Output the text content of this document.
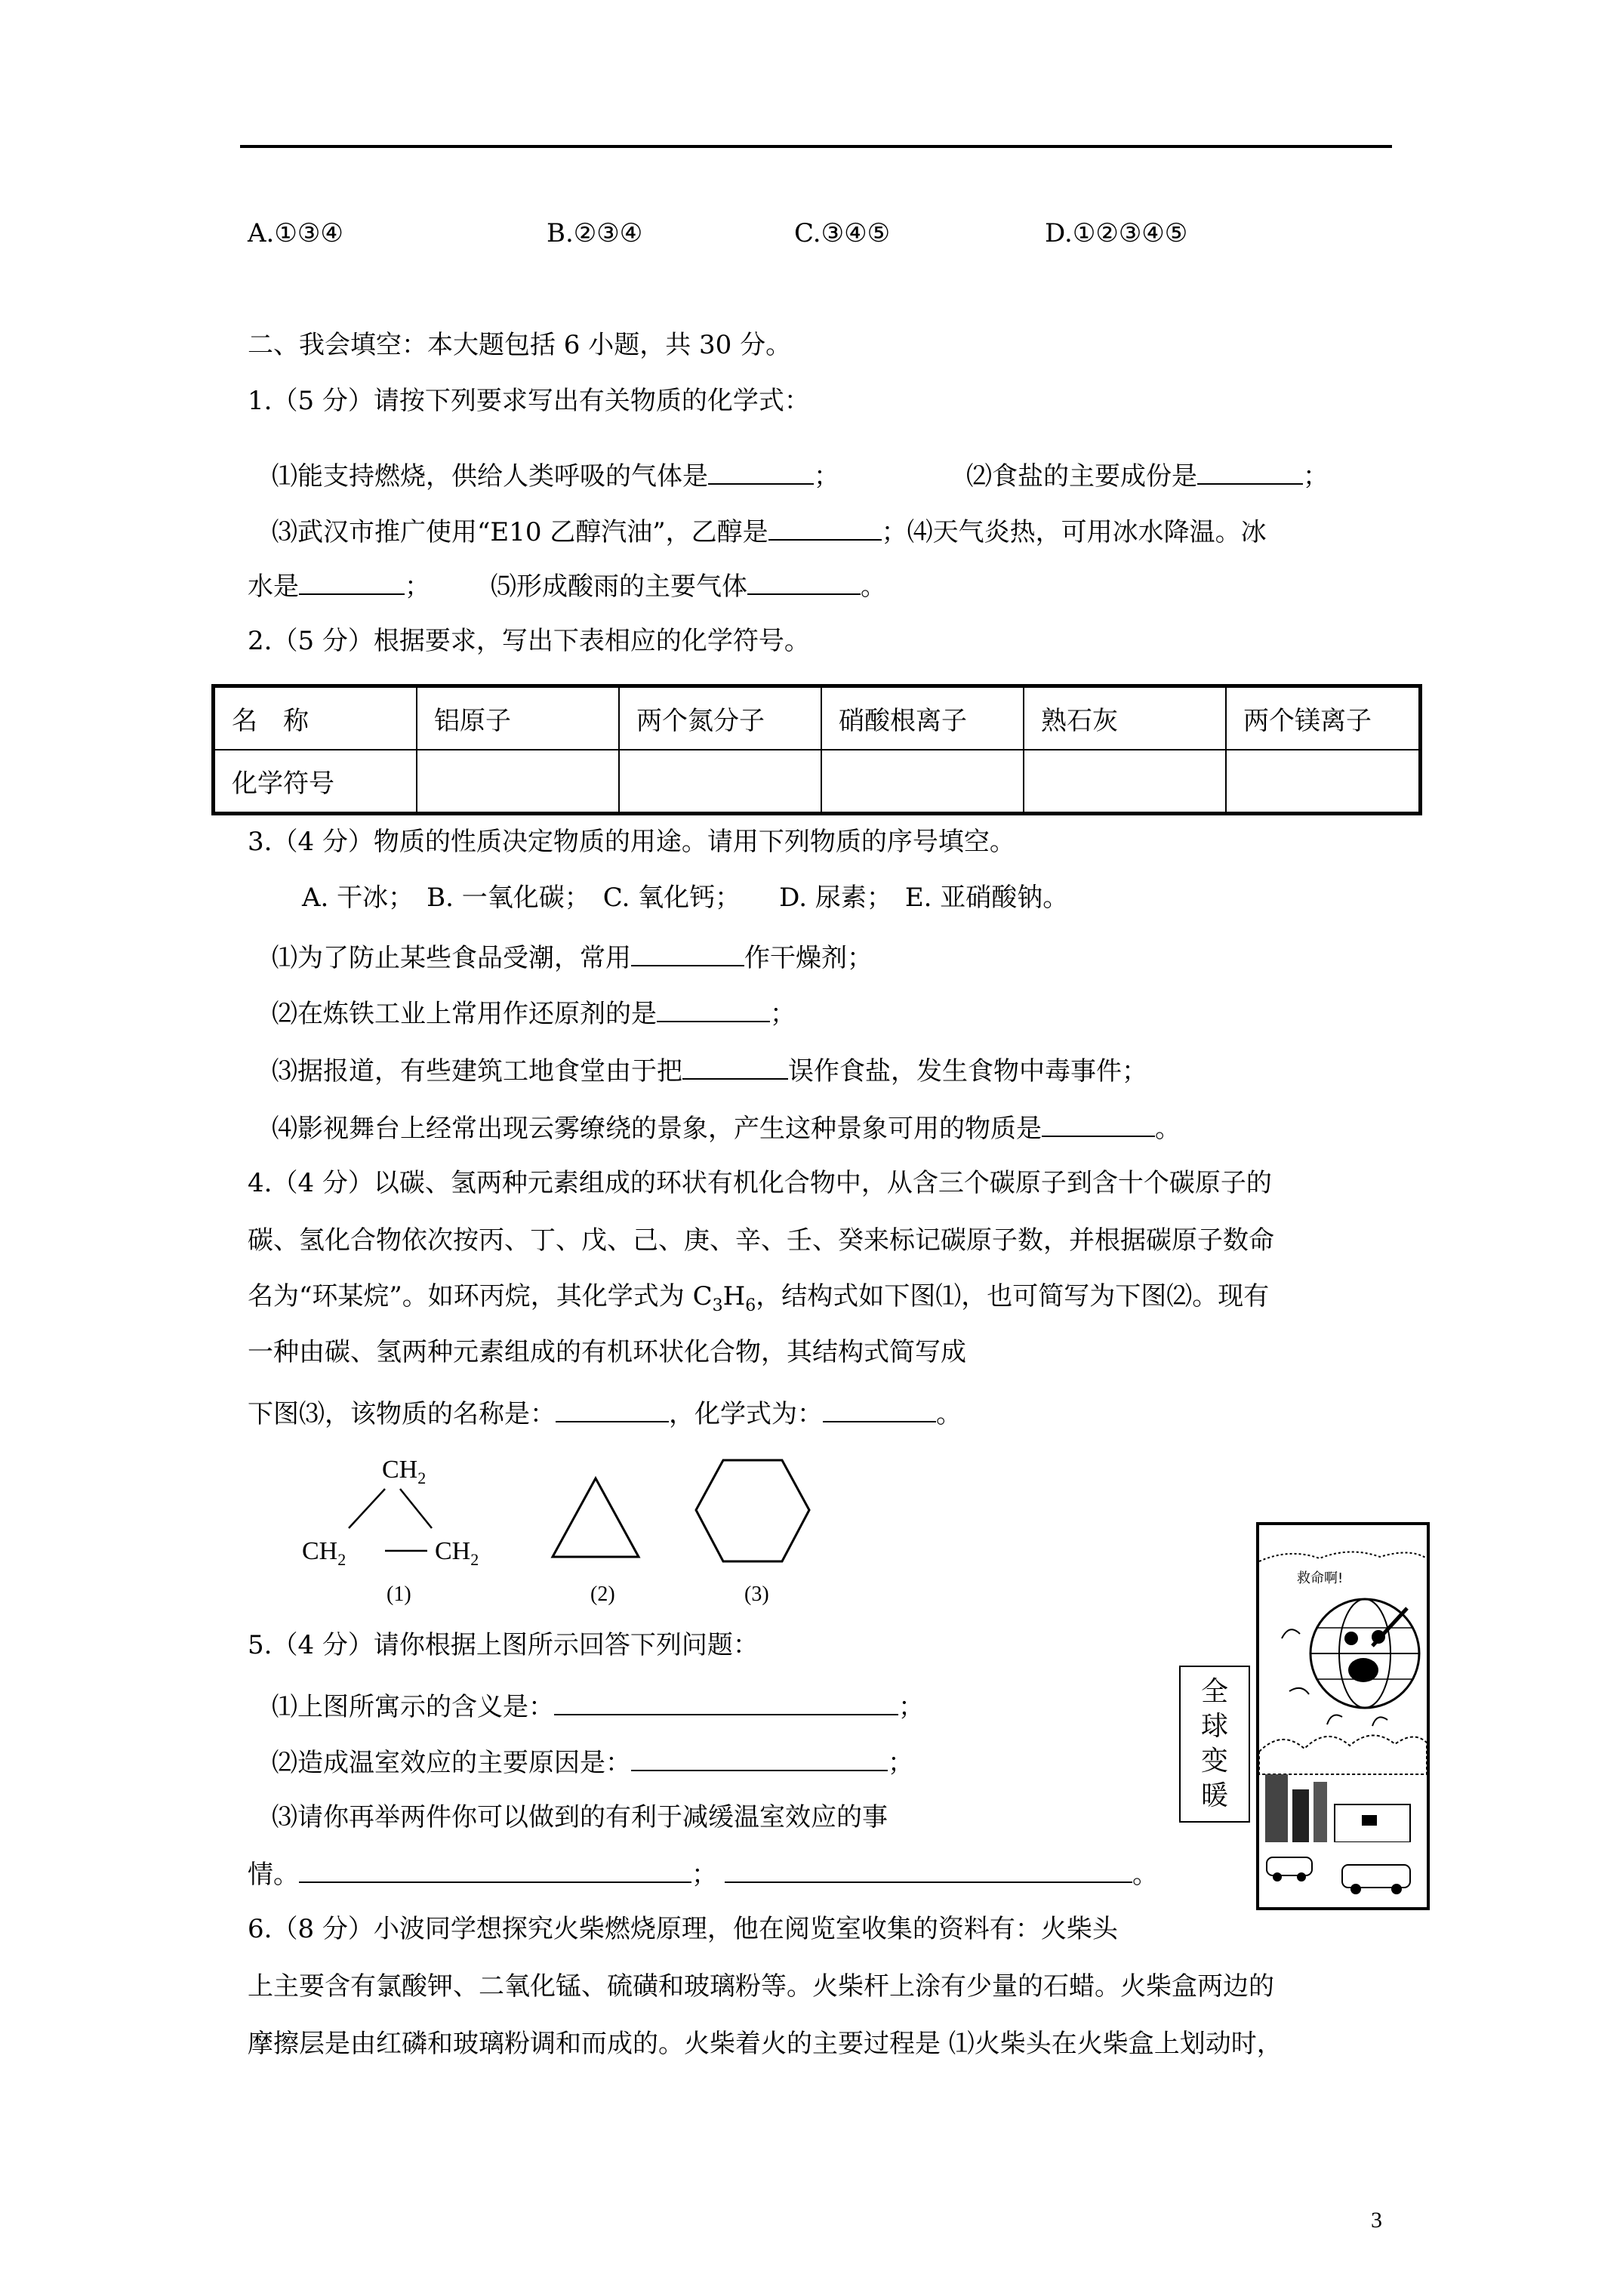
A.①③④	B.②③④	C.③④⑤	D.①②③④⑤
二、我会填空：本大题包括 6 小题，共 30 分。
1.（5 分）请按下列要求写出有关物质的化学式：
⑴能支持燃烧，供给人类呼吸的气体是	；	⑵食盐的主要成份是	；
⑶武汉市推广使用“E10 乙醇汽油”，乙醇是	；⑷天气炎热，可用冰水降温。冰
水是	； ⑸形成酸雨的主要气体	。
2.（5 分）根据要求，写出下表相应的化学符号。
名　称	铝原子	两个氮分子	硝酸根离子	熟石灰	两个镁离子
化学符号					
3.（4 分）物质的性质决定物质的用途。请用下列物质的序号填空。
A. 干冰；　B. 一氧化碳；　C. 氧化钙；　　D. 尿素；　E. 亚硝酸钠。
⑴为了防止某些食品受潮，常用	作干燥剂；
⑵在炼铁工业上常用作还原剂的是	；
⑶据报道，有些建筑工地食堂由于把	误作食盐，发生食物中毒事件；
⑷影视舞台上经常出现云雾缭绕的景象，产生这种景象可用的物质是	。
4.（4 分）以碳、氢两种元素组成的环状有机化合物中，从含三个碳原子到含十个碳原子的
碳、氢化合物依次按丙、丁、戊、己、庚、辛、壬、癸来标记碳原子数，并根据碳原子数命
名为“环某烷”。如环丙烷，其化学式为 $C_3H_6$，结构式如下图⑴，也可简写为下图⑵。现有
一种由碳、氢两种元素组成的有机环状化合物，其结构式简写成
下图⑶，该物质的名称是：	，化学式为：	。
$CH_2$
$CH_2$	$CH_2$
(1)	(2)	(3)
5.（4 分）请你根据上图所示回答下列问题：
⑴上图所寓示的含义是：	；
⑵造成温室效应的主要原因是：	；
⑶请你再举两件你可以做到的有利于减缓温室效应的事
情。	；	。
全
球
变
暖
救命啊!
6.（8 分）小波同学想探究火柴燃烧原理，他在阅览室收集的资料有：火柴头
上主要含有氯酸钾、二氧化锰、硫磺和玻璃粉等。火柴杆上涂有少量的石蜡。火柴盒两边的
摩擦层是由红磷和玻璃粉调和而成的。火柴着火的主要过程是 ⑴火柴头在火柴盒上划动时，
3
